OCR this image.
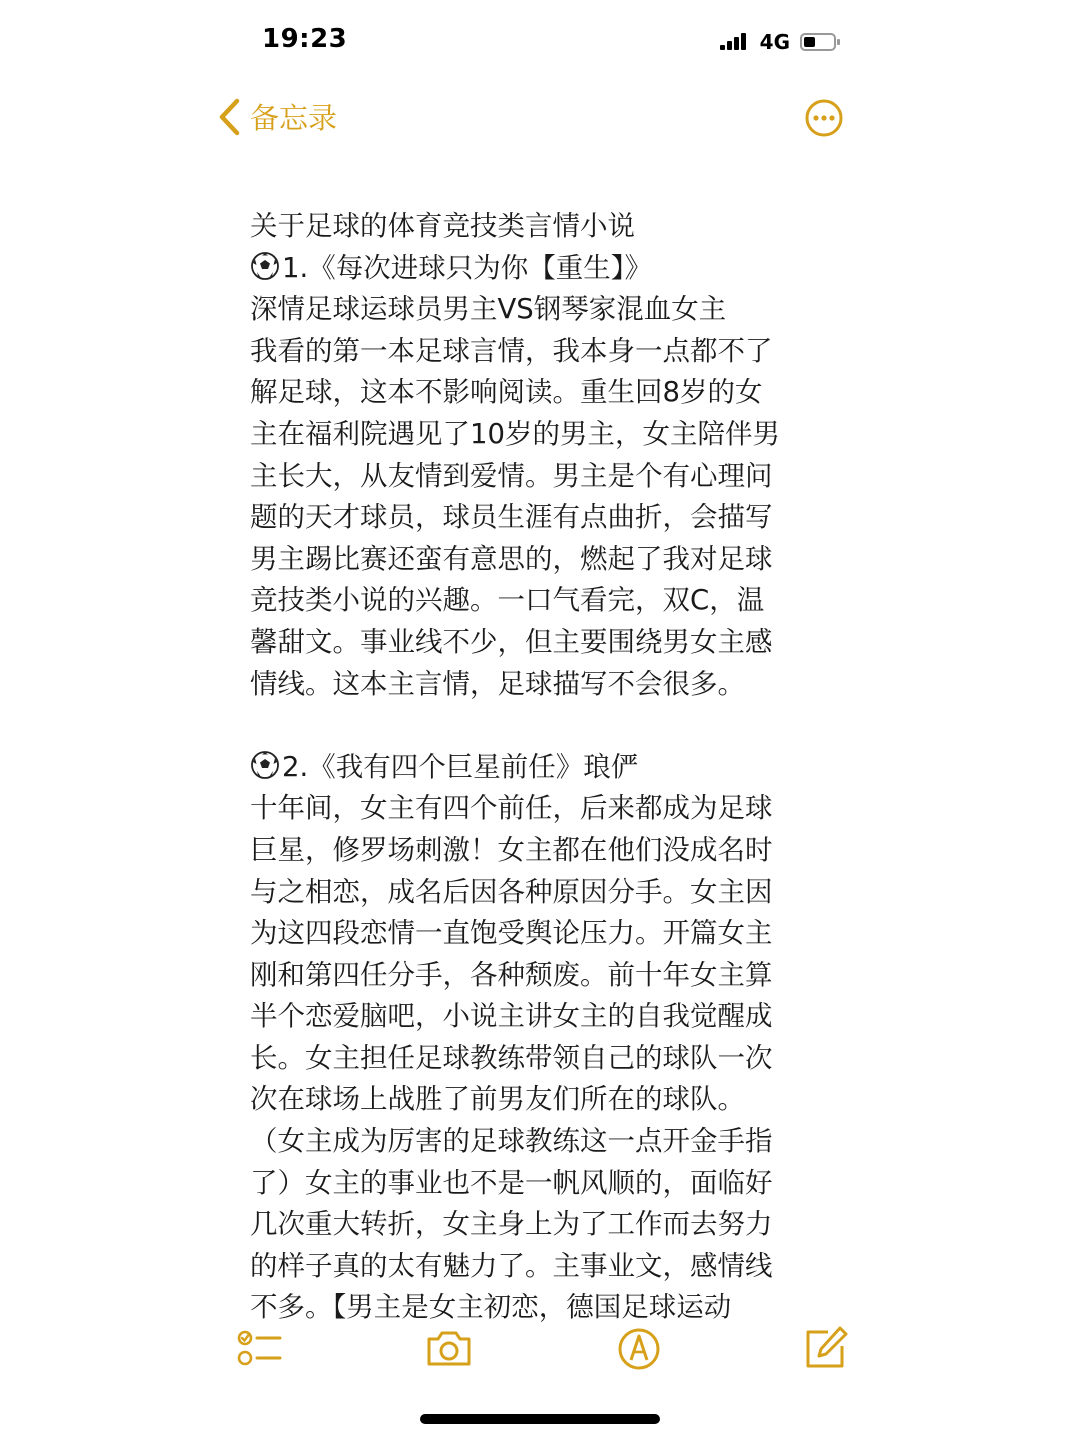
19:23	4G
备忘录
关于足球的体育竞技类言情小说
1.《每次进球只为你【重生】》
深情足球运球员男主VS钢琴家混血女主
我看的第一本足球言情，我本身一点都不了
解足球，这本不影响阅读。重生回8岁的女
主在福利院遇见了10岁的男主，女主陪伴男
主长大，从友情到爱情。男主是个有心理问
题的天才球员，球员生涯有点曲折，会描写
男主踢比赛还蛮有意思的，燃起了我对足球
竞技类小说的兴趣。一口气看完，双C，温
馨甜文。事业线不少，但主要围绕男女主感
情线。这本主言情，足球描写不会很多。
2.《我有四个巨星前任》琅俨
十年间，女主有四个前任，后来都成为足球
巨星，修罗场刺激！女主都在他们没成名时
与之相恋，成名后因各种原因分手。女主因
为这四段恋情一直饱受舆论压力。开篇女主
刚和第四任分手，各种颓废。前十年女主算
半个恋爱脑吧，小说主讲女主的自我觉醒成
长。女主担任足球教练带领自己的球队一次
次在球场上战胜了前男友们所在的球队。
（女主成为厉害的足球教练这一点开金手指
了）女主的事业也不是一帆风顺的，面临好
几次重大转折，女主身上为了工作而去努力
的样子真的太有魅力了。主事业文，感情线
不多。【男主是女主初恋，德国足球运动
